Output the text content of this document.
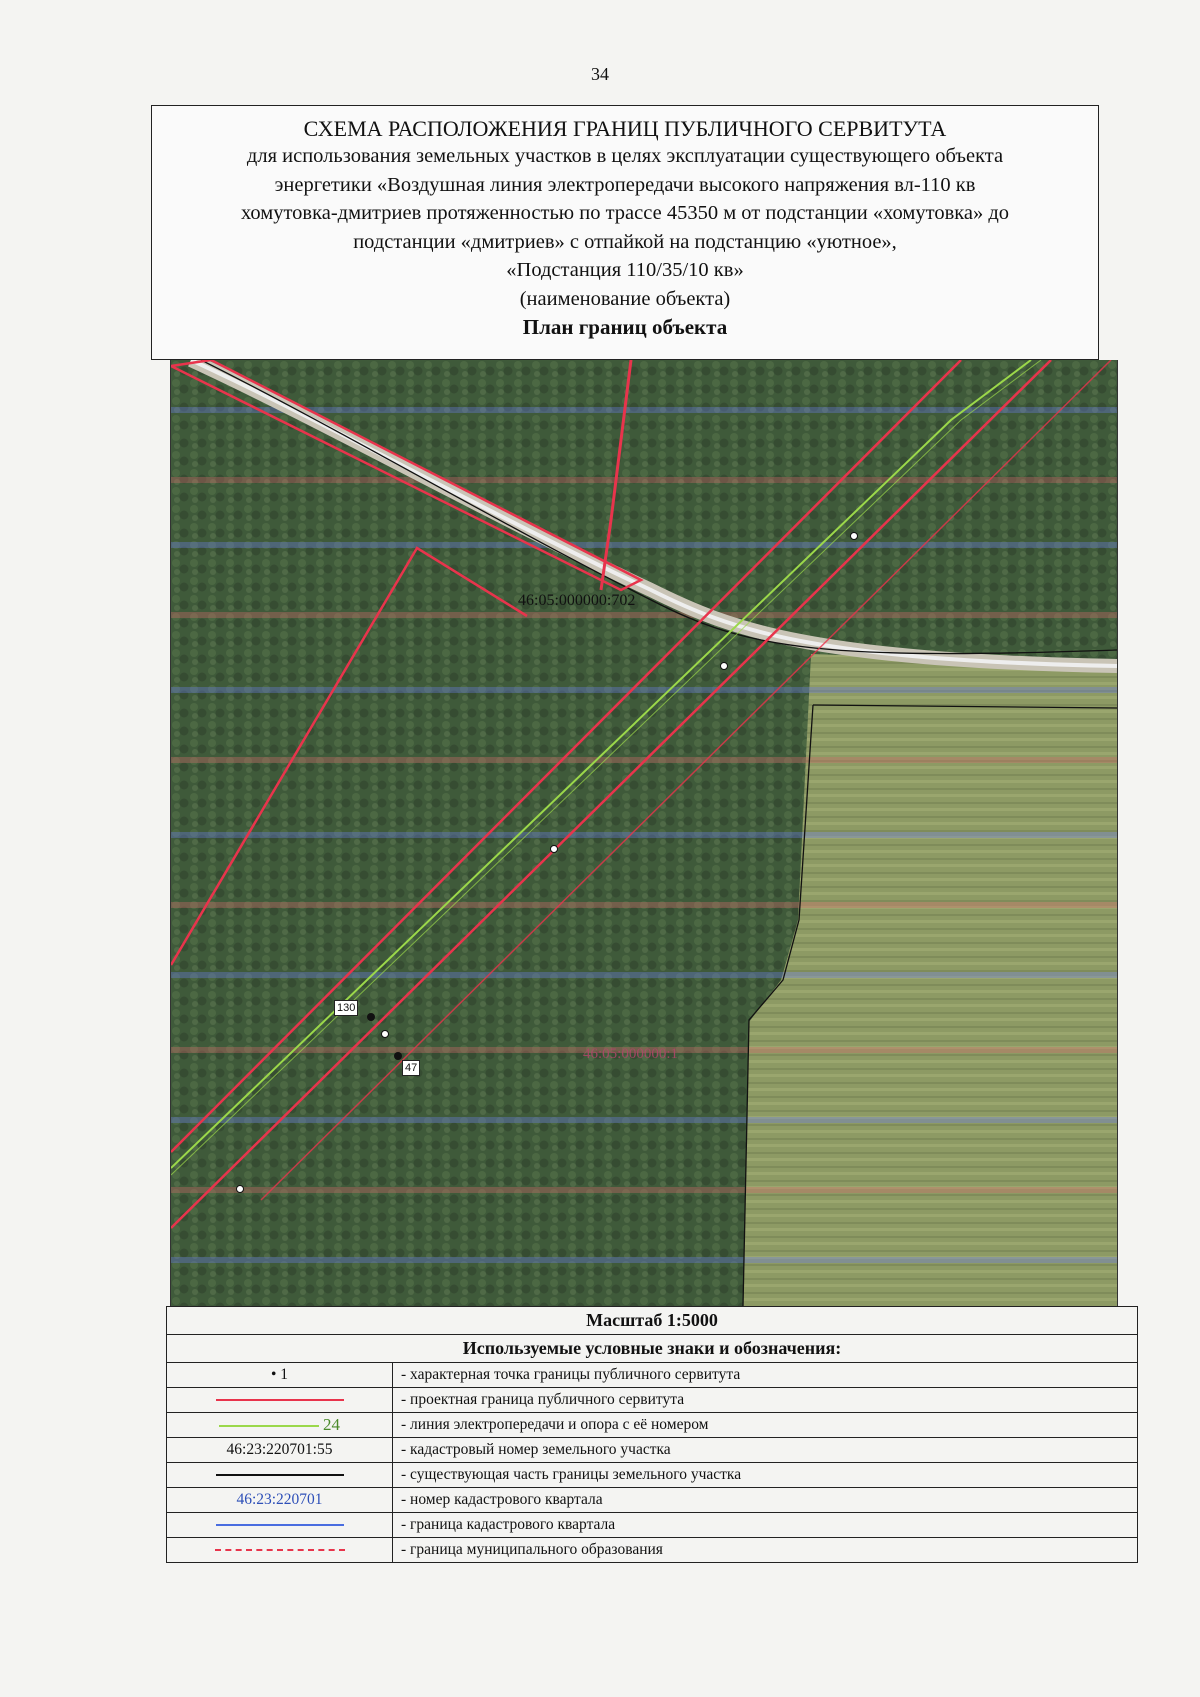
34
СХЕМА РАСПОЛОЖЕНИЯ ГРАНИЦ ПУБЛИЧНОГО СЕРВИТУТА
для использования земельных участков в целях эксплуатации существующего объекта
энергетики «Воздушная линия электропередачи высокого напряжения вл-110 кв
хомутовка-дмитриев протяженностью по трассе 45350 м от подстанции «хомутовка» до
подстанции «дмитриев» с отпайкой на подстанцию «уютное»,
«Подстанция 110/35/10 кв»
(наименование объекта)
План границ объекта
46:05:000000:702
46:05:000000:1
130
47
Масштаб 1:5000	
Используемые условные знаки и обозначения:	
• 1	- характерная точка границы публичного сервитута
	- проектная граница публичного сервитута
24	- линия электропередачи и опора с её номером
46:23:220701:55	- кадастровый номер земельного участка
	- существующая часть границы земельного участка
46:23:220701	- номер кадастрового квартала
	- граница кадастрового квартала
	- граница муниципального образования
